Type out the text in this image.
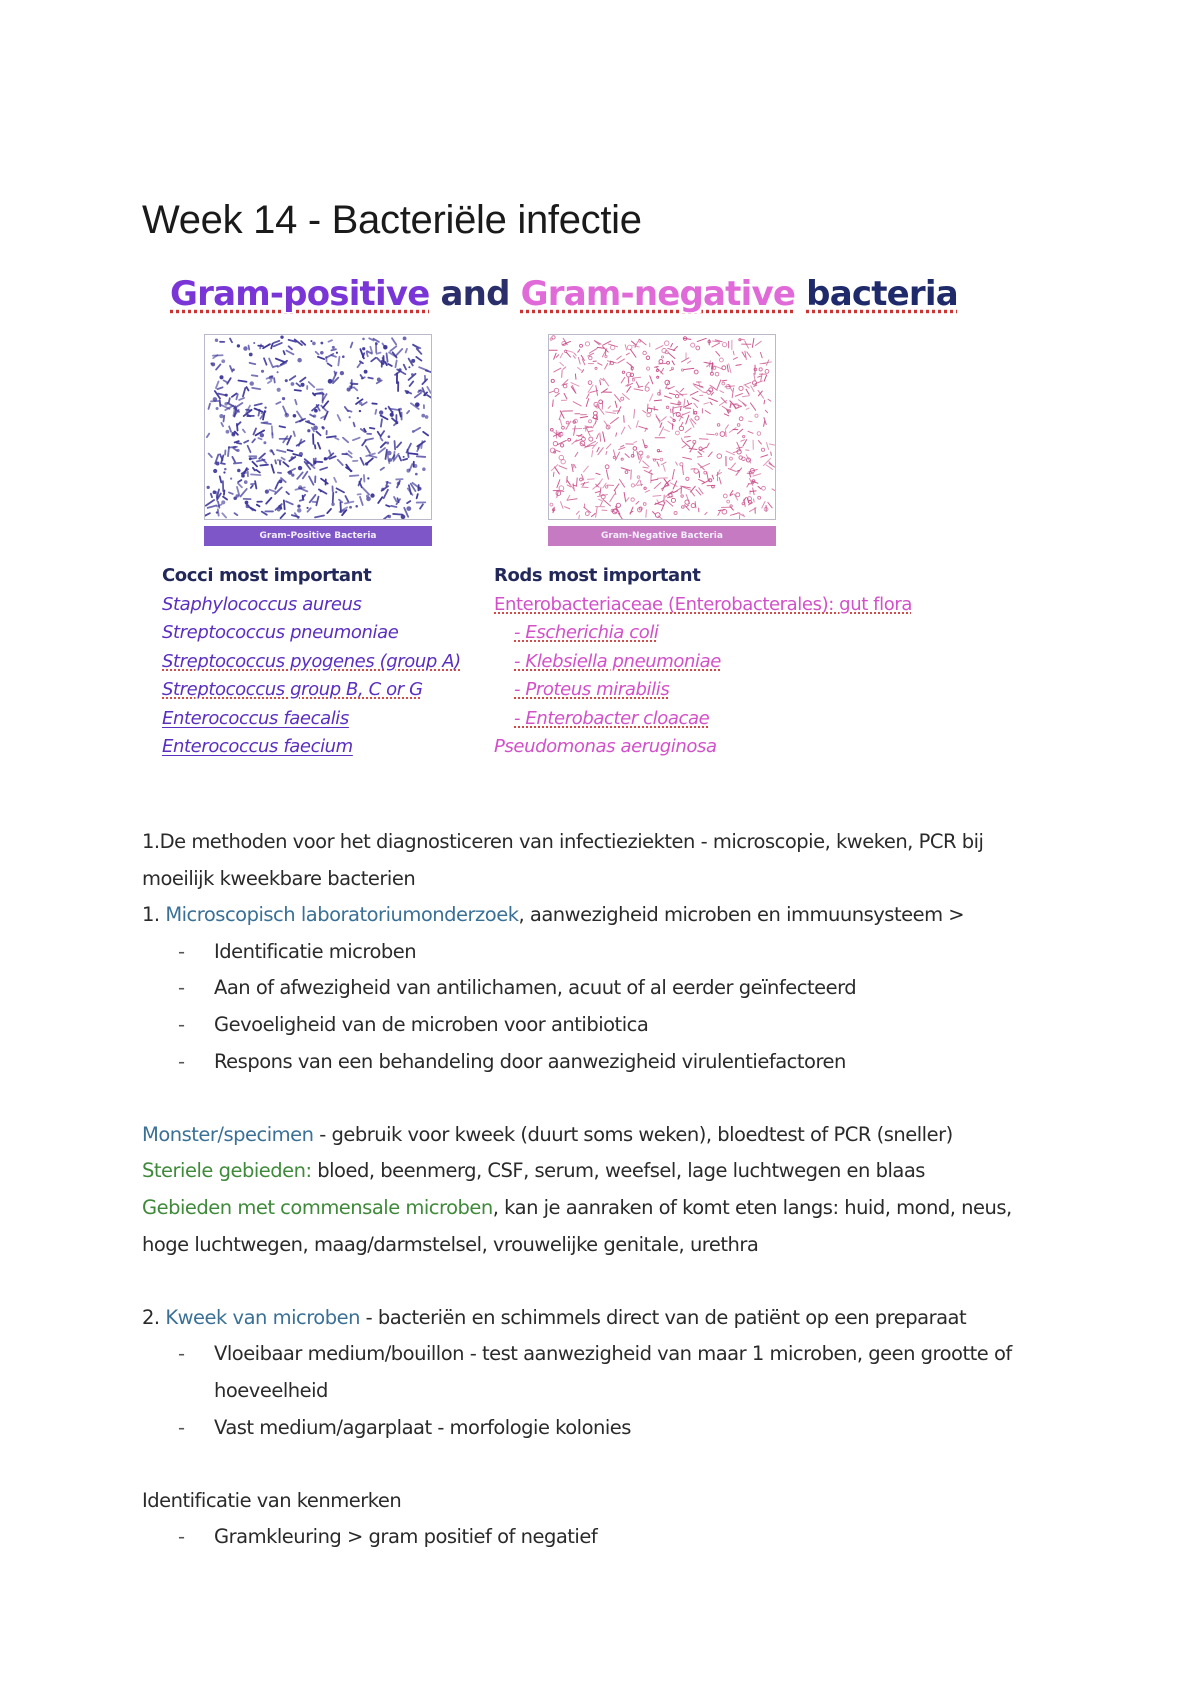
Week 14 - Bacteriële infectie
Gram-positive and Gram-negative bacteria
Gram-Positive Bacteria	Gram-Negative Bacteria
Cocci most important
Staphylococcus aureus
Streptococcus pneumoniae
Streptococcus pyogenes (group A)
Streptococcus group B, C or G
Enterococcus faecalis
Enterococcus faecium
Rods most important
Enterobacteriaceae (Enterobacterales): gut flora
- Escherichia coli
- Klebsiella pneumoniae
- Proteus mirabilis
- Enterobacter cloacae
Pseudomonas aeruginosa

1.De methoden voor het diagnosticeren van infectieziekten - microscopie, kweken, PCR bij

moeilijk kweekbare bacterien

1. Microscopisch laboratoriumonderzoek, aanwezigheid microben en immuunsysteem >

- Identificatie microben

- Aan of afwezigheid van antilichamen, acuut of al eerder geïnfecteerd

- Gevoeligheid van de microben voor antibiotica

- Respons van een behandeling door aanwezigheid virulentiefactoren

Monster/specimen - gebruik voor kweek (duurt soms weken), bloedtest of PCR (sneller)

Steriele gebieden: bloed, beenmerg, CSF, serum, weefsel, lage luchtwegen en blaas

Gebieden met commensale microben, kan je aanraken of komt eten langs: huid, mond, neus,

hoge luchtwegen, maag/darmstelsel, vrouwelijke genitale, urethra

2. Kweek van microben - bacteriën en schimmels direct van de patiënt op een preparaat

- Vloeibaar medium/bouillon - test aanwezigheid van maar 1 microben, geen grootte of

hoeveelheid

- Vast medium/agarplaat - morfologie kolonies

Identificatie van kenmerken

- Gramkleuring > gram positief of negatief
